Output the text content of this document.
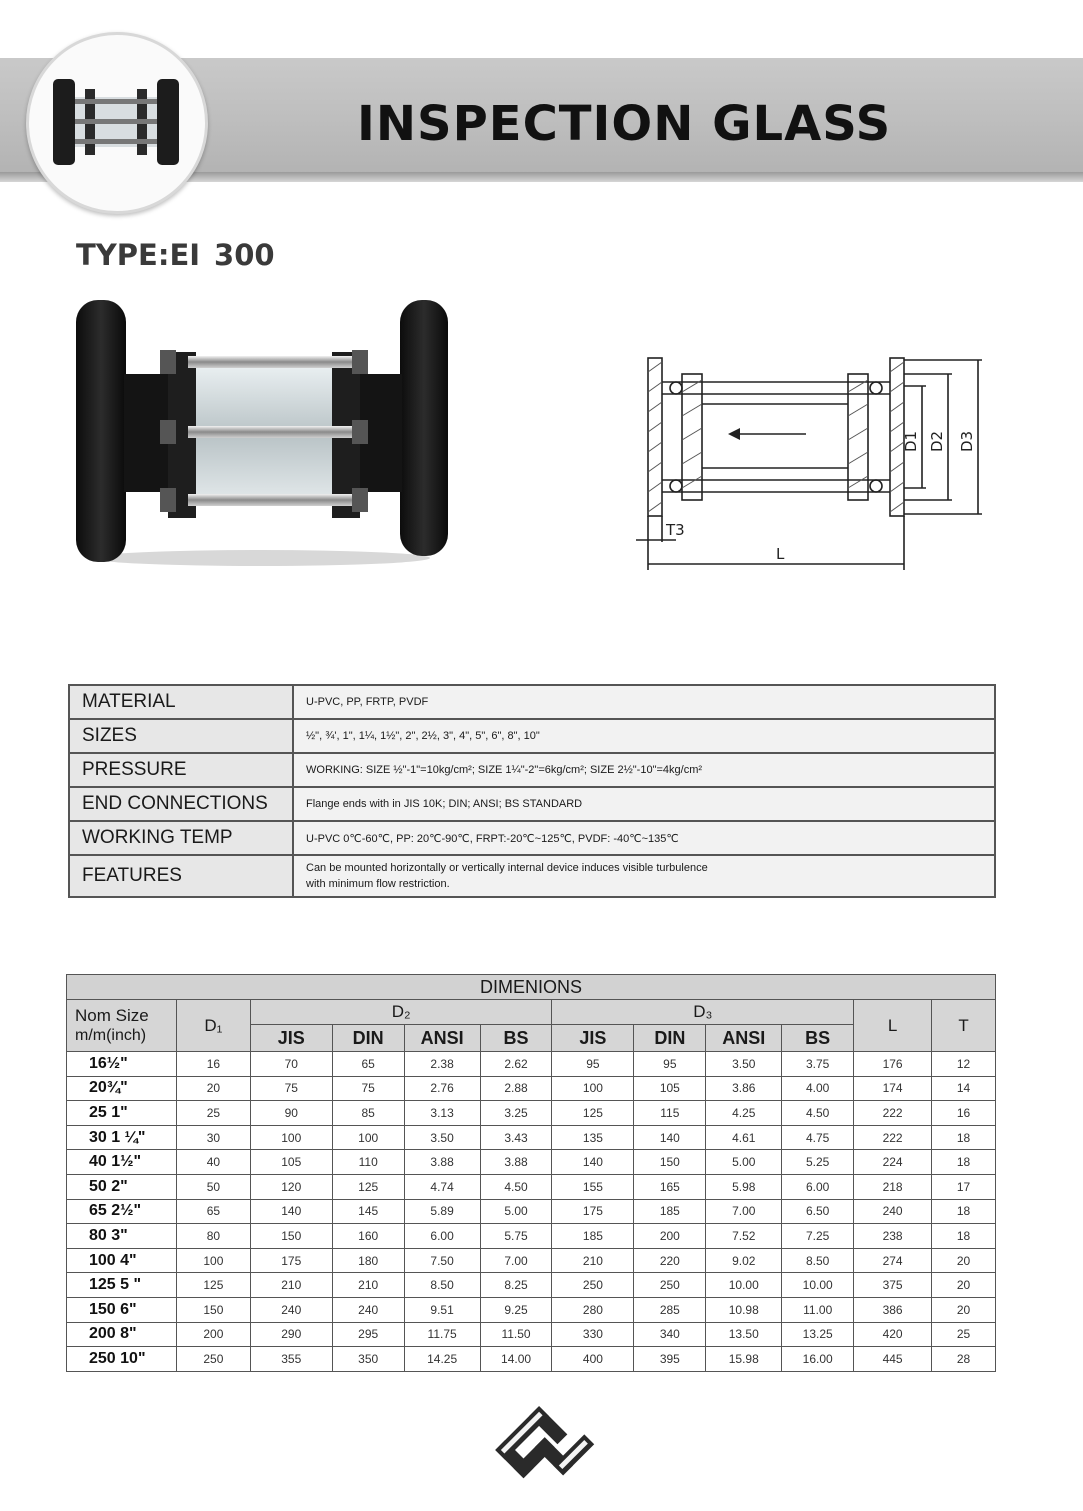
INSPECTION GLASS
TYPE:EI 300
D1 D2 D3
T3
L
MATERIAL	U-PVC, PP, FRTP, PVDF
SIZES	½", ¾', 1", 1¼, 1½", 2", 2½, 3", 4", 5", 6", 8", 10"
PRESSURE	WORKING: SIZE ½"-1"=10kg/cm²; SIZE 1¼"-2"=6kg/cm²; SIZE 2½"-10"=4kg/cm²
END CONNECTIONS	Flange ends with in JIS 10K; DIN; ANSI; BS STANDARD
WORKING TEMP	U-PVC 0℃-60℃, PP: 20℃-90℃, FRPT:-20℃~125℃, PVDF: -40℃~135℃
FEATURES	Can be mounted horizontally or vertically internal device induces visible turbulence with minimum flow restriction.
DIMENIONS											

Nom Size
m/m(inch)	D₁	D₂				D₃				L	T
		JIS	DIN	ANSI	BS	JIS	DIN	ANSI	BS		
16½"	16	70	65	2.38	2.62	95	95	3.50	3.75	176	12
20¾"	20	75	75	2.76	2.88	100	105	3.86	4.00	174	14
25 1"	25	90	85	3.13	3.25	125	115	4.25	4.50	222	16
30 1 ¼"	30	100	100	3.50	3.43	135	140	4.61	4.75	222	18
40 1½"	40	105	110	3.88	3.88	140	150	5.00	5.25	224	18
50 2"	50	120	125	4.74	4.50	155	165	5.98	6.00	218	17
65 2½"	65	140	145	5.89	5.00	175	185	7.00	6.50	240	18
80 3"	80	150	160	6.00	5.75	185	200	7.52	7.25	238	18
100 4"	100	175	180	7.50	7.00	210	220	9.02	8.50	274	20
125 5 "	125	210	210	8.50	8.25	250	250	10.00	10.00	375	20
150 6"	150	240	240	9.51	9.25	280	285	10.98	11.00	386	20
200 8"	200	290	295	11.75	11.50	330	340	13.50	13.25	420	25
250 10"	250	355	350	14.25	14.00	400	395	15.98	16.00	445	28
